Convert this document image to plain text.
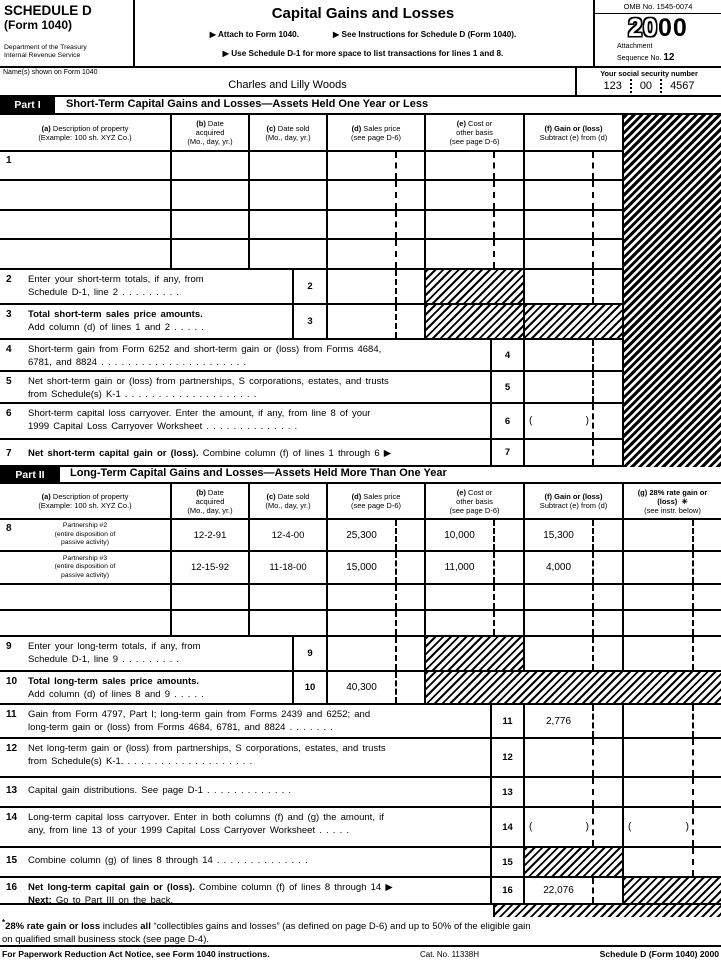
SCHEDULE D
(Form 1040)
Department of the Treasury
Internal Revenue Service
Capital Gains and Losses
▶ Attach to Form 1040.	▶ See Instructions for Schedule D (Form 1040).
▶ Use Schedule D-1 for more space to list transactions for lines 1 and 8.
OMB No. 1545-0074
2000
Attachment
Sequence No. 12
Name(s) shown on Form 1040
Charles and Lilly Woods
Your social security number
123 00 4567
Part I	Short-Term Capital Gains and Losses—Assets Held One Year or Less
(a) Description of property
(Example: 100 sh. XYZ Co.)
(b) Date
acquired
(Mo., day, yr.)
(c) Date sold
(Mo., day, yr.)
(d) Sales price
(see page D-6)
(e) Cost or
other basis
(see page D-6)
(f) Gain or (loss)
Subtract (e) from (d)
1
2 Enter your short-term totals, if any, from
Schedule D-1, line 2 . . . . . . . . .
2
3 Total short-term sales price amounts.
Add column (d) of lines 1 and 2 . . . . .
3
4 Short-term gain from Form 6252 and short-term gain or (loss) from Forms 4684,
6781, and 8824 . . . . . . . . . . . . . . . . . . . . . .
4
5 Net short-term gain or (loss) from partnerships, S corporations, estates, and trusts
from Schedule(s) K-1 . . . . . . . . . . . . . . . . . . . .
5
6 Short-term capital loss carryover. Enter the amount, if any, from line 8 of your
1999 Capital Loss Carryover Worksheet . . . . . . . . . . . . . .
6	(	)
7 Net short-term capital gain or (loss). Combine column (f) of lines 1 through 6 ▶	7
Part II	Long-Term Capital Gains and Losses—Assets Held More Than One Year
(a) Description of property
(Example: 100 sh. XYZ Co.)
(b) Date
acquired
(Mo., day, yr.)
(c) Date sold
(Mo., day, yr.)
(d) Sales price
(see page D-6)
(e) Cost or
other basis
(see page D-6)
(f) Gain or (loss)
Subtract (e) from (d)
(g) 28% rate gain or
(loss) ✳
(see instr. below)
8	Partnership #2
(entire disposition of
passive activity)
12-2-91	12-4-00	25,300	10,000	15,300
Partnership #3
(entire disposition of
passive activity)
12-15-92	11-18-00	15,000	11,000	4,000
9 Enter your long-term totals, if any, from
Schedule D-1, line 9 . . . . . . . . .
9
10 Total long-term sales price amounts.
Add column (d) of lines 8 and 9 . . . . .
10	40,300
11 Gain from Form 4797, Part I; long-term gain from Forms 2439 and 6252; and
long-term gain or (loss) from Forms 4684, 6781, and 8824 . . . . . . .
11	2,776
12 Net long-term gain or (loss) from partnerships, S corporations, estates, and trusts
from Schedule(s) K-1. . . . . . . . . . . . . . . . . . . .	12
13 Capital gain distributions. See page D-1 . . . . . . . . . . . . .	13
14 Long-term capital loss carryover. Enter in both columns (f) and (g) the amount, if
any, from line 13 of your 1999 Capital Loss Carryover Worksheet . . . . .	14	(	)	(	)
15 Combine column (g) of lines 8 through 14 . . . . . . . . . . . . . .	15
16 Net long-term capital gain or (loss). Combine column (f) of lines 8 through 14 ▶
Next: Go to Part III on the back.
16	22,076
*28% rate gain or loss includes all “collectibles gains and losses” (as defined on page D-6) and up to 50% of the eligible gain
on qualified small business stock (see page D-4).
For Paperwork Reduction Act Notice, see Form 1040 instructions.	Cat. No. 11338H	Schedule D (Form 1040) 2000
